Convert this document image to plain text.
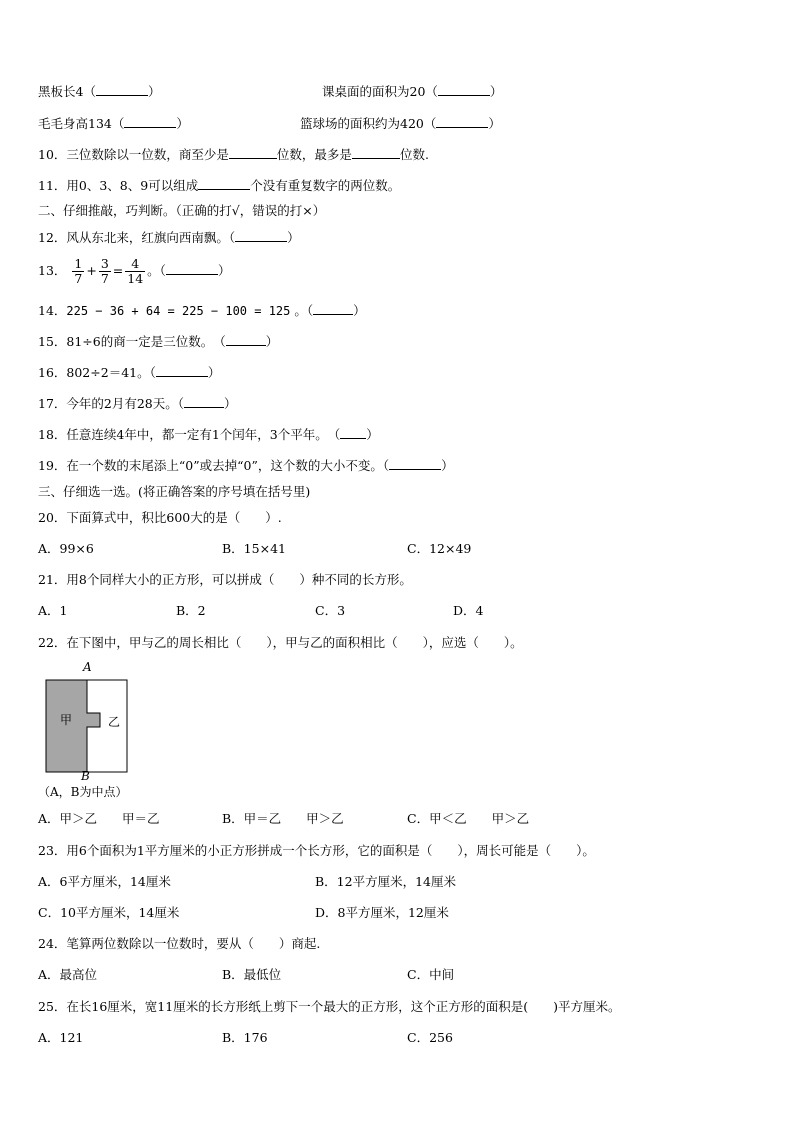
黑板长4（	）	课桌面的面积为20（	）
毛毛身高134（	）	篮球场的面积约为420（	）
10．三位数除以一位数，商至少是	位数，最多是	位数.
11．用0、3、8、9可以组成	个没有重复数字的两位数。
二、仔细推敲，巧判断。（正确的打√，错误的打×）
12．风从东北来，红旗向西南飘。（	）
13． $\frac{1}{7} + \frac{3}{7} = \frac{4}{14}$ 。（	）
14．225 − 36 + 64 = 225 − 100 = 125 。（	）
15．81÷6的商一定是三位数。　（	）
16．802÷2＝41。（	）
17．今年的2月有28天。（	）
18．任意连续4年中，都一定有1个闰年，3个平年。　（ ）
19．在一个数的末尾添上“0”或去掉“0”，这个数的大小不变。（	）
三、仔细选一选。(将正确答案的序号填在括号里)
20．下面算式中，积比600大的是（　　）.
A．99×6	B．15×41	C．12×49
21．用8个同样大小的正方形，可以拼成（　　）种不同的长方形。
A．1	B．2	C．3	D．4
22．在下图中，甲与乙的周长相比（　　），甲与乙的面积相比（　　），应选（　　）。
A
甲	乙
B
（A，B为中点）
A．甲＞乙　　甲＝乙	B．甲＝乙　　甲＞乙	C．甲＜乙　　甲＞乙
23．用6个面积为1平方厘米的小正方形拼成一个长方形，它的面积是（　　），周长可能是（　　）。
A．6平方厘米，14厘米	B．12平方厘米，14厘米
C．10平方厘米，14厘米	D．8平方厘米，12厘米
24．笔算两位数除以一位数时，要从（　　）商起.
A．最高位	B．最低位	C．中间
25．在长16厘米，宽11厘米的长方形纸上剪下一个最大的正方形，这个正方形的面积是(　　)平方厘米。
A．121	B．176	C．256
